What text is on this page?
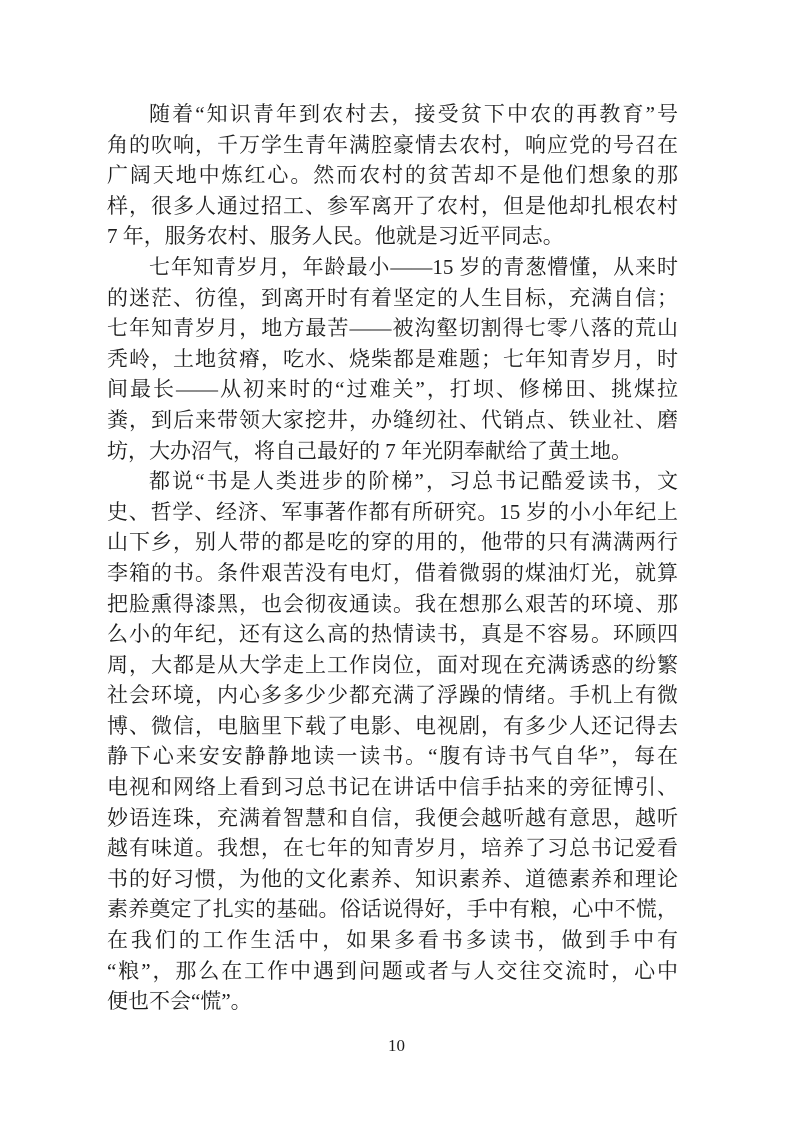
随着“知识青年到农村去，接受贫下中农的再教育”号
角的吹响，千万学生青年满腔豪情去农村，响应党的号召在
广阔天地中炼红心。然而农村的贫苦却不是他们想象的那
样，很多人通过招工、参军离开了农村，但是他却扎根农村
7 年，服务农村、服务人民。他就是习近平同志。
七年知青岁月，年龄最小——15 岁的青葱懵懂，从来时
的迷茫、彷徨，到离开时有着坚定的人生目标，充满自信；
七年知青岁月，地方最苦——被沟壑切割得七零八落的荒山
秃岭，土地贫瘠，吃水、烧柴都是难题；七年知青岁月，时
间最长——从初来时的“过难关”，打坝、修梯田、挑煤拉
粪，到后来带领大家挖井，办缝纫社、代销点、铁业社、磨
坊，大办沼气，将自己最好的 7 年光阴奉献给了黄土地。
都说“书是人类进步的阶梯”，习总书记酷爱读书，文
史、哲学、经济、军事著作都有所研究。15 岁的小小年纪上
山下乡，别人带的都是吃的穿的用的，他带的只有满满两行
李箱的书。条件艰苦没有电灯，借着微弱的煤油灯光，就算
把脸熏得漆黑，也会彻夜通读。我在想那么艰苦的环境、那
么小的年纪，还有这么高的热情读书，真是不容易。环顾四
周，大都是从大学走上工作岗位，面对现在充满诱惑的纷繁
社会环境，内心多多少少都充满了浮躁的情绪。手机上有微
博、微信，电脑里下载了电影、电视剧，有多少人还记得去
静下心来安安静静地读一读书。“腹有诗书气自华”，每在
电视和网络上看到习总书记在讲话中信手拈来的旁征博引、
妙语连珠，充满着智慧和自信，我便会越听越有意思，越听
越有味道。我想，在七年的知青岁月，培养了习总书记爱看
书的好习惯，为他的文化素养、知识素养、道德素养和理论
素养奠定了扎实的基础。俗话说得好，手中有粮，心中不慌，
在我们的工作生活中，如果多看书多读书，做到手中有
“粮”，那么在工作中遇到问题或者与人交往交流时，心中
便也不会“慌”。
10
